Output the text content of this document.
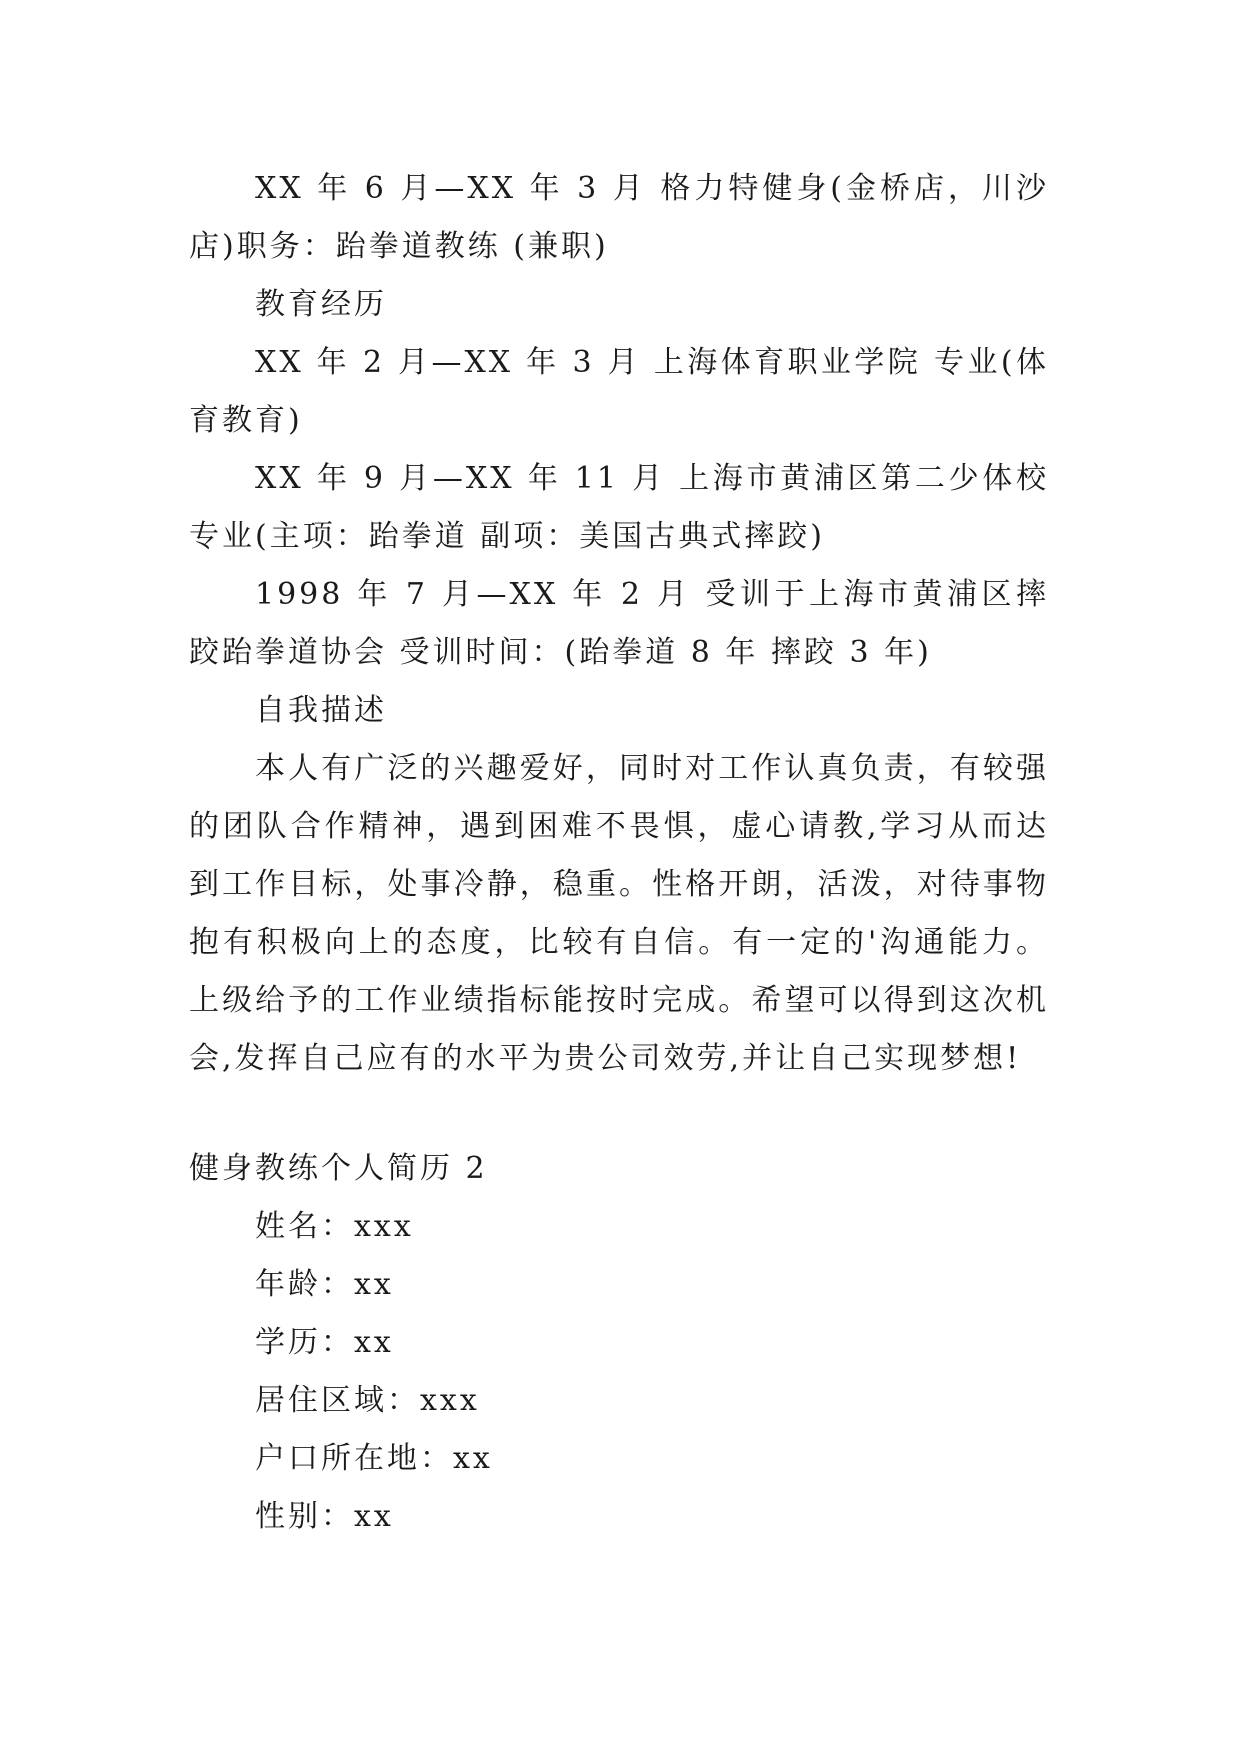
XX 年 6 月—XX 年 3 月 格力特健身(金桥店，川沙店)职务：跆拳道教练 (兼职)

教育经历

XX 年 2 月—XX 年 3 月 上海体育职业学院 专业(体育教育)

XX 年 9 月—XX 年 11 月 上海市黄浦区第二少体校 专业(主项：跆拳道 副项：美国古典式摔跤)

1998 年 7 月—XX 年 2 月 受训于上海市黄浦区摔跤跆拳道协会 受训时间：(跆拳道 8 年 摔跤 3 年)

自我描述

本人有广泛的兴趣爱好，同时对工作认真负责，有较强的团队合作精神，遇到困难不畏惧，虚心请教,学习从而达到工作目标，处事冷静，稳重。性格开朗，活泼，对待事物抱有积极向上的态度，比较有自信。有一定的'沟通能力。上级给予的工作业绩指标能按时完成。希望可以得到这次机会,发挥自己应有的水平为贵公司效劳,并让自己实现梦想!

健身教练个人简历 2

姓名：xxx

年龄：xx

学历：xx

居住区域：xxx

户口所在地：xx

性别：xx
